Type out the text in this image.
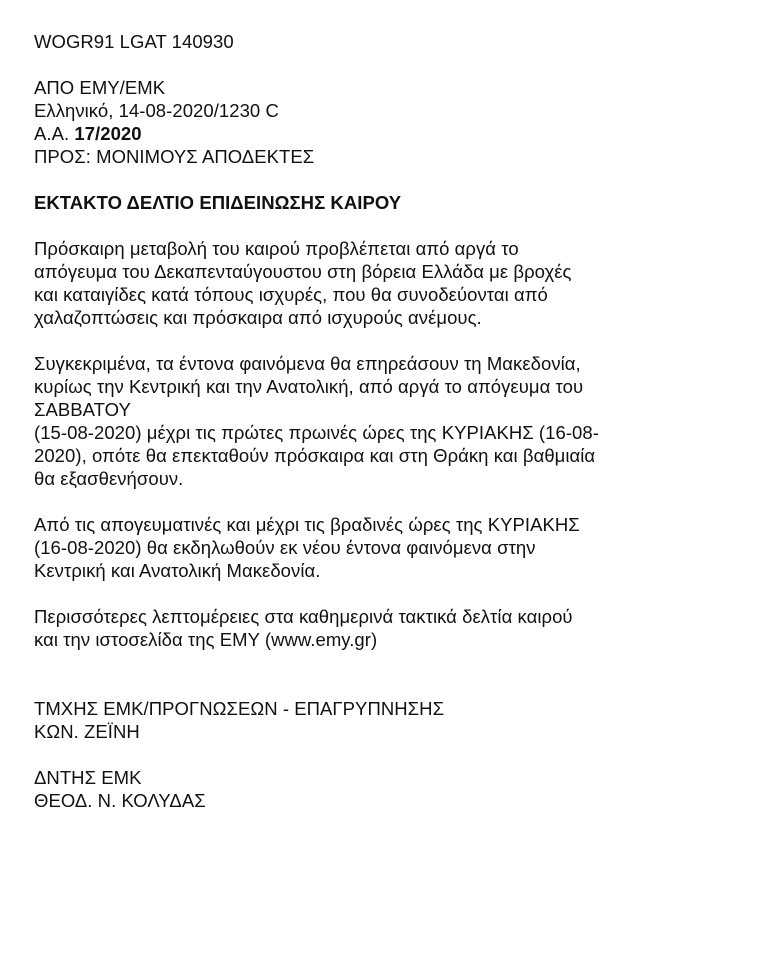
WOGR91 LGAT 140930
ΑΠΟ ΕΜΥ/ΕΜΚ
Ελληνικό, 14-08-2020/1230 C
Α.Α. 17/2020
ΠΡΟΣ: ΜΟΝΙΜΟΥΣ ΑΠΟΔΕΚΤΕΣ
ΕΚΤΑΚΤΟ ΔΕΛΤΙΟ ΕΠΙΔΕΙΝΩΣΗΣ ΚΑΙΡΟΥ
Πρόσκαιρη μεταβολή του καιρού προβλέπεται από αργά το
απόγευμα του Δεκαπενταύγουστου στη βόρεια Ελλάδα με βροχές
και καταιγίδες κατά τόπους ισχυρές, που θα συνοδεύονται από
χαλαζοπτώσεις και πρόσκαιρα από ισχυρούς ανέμους.
Συγκεκριμένα, τα έντονα φαινόμενα θα επηρεάσουν τη Μακεδονία,
κυρίως την Κεντρική και την Ανατολική, από αργά το απόγευμα του
ΣΑΒΒΑΤΟΥ
(15-08-2020) μέχρι τις πρώτες πρωινές ώρες της ΚΥΡΙΑΚΗΣ (16-08-
2020), οπότε θα επεκταθούν πρόσκαιρα και στη Θράκη και βαθμιαία
θα εξασθενήσουν.
Από τις απογευματινές και μέχρι τις βραδινές ώρες της ΚΥΡΙΑΚΗΣ
(16-08-2020) θα εκδηλωθούν εκ νέου έντονα φαινόμενα στην
Κεντρική και Ανατολική Μακεδονία.
Περισσότερες λεπτομέρειες στα καθημερινά τακτικά δελτία καιρού
και την ιστοσελίδα της ΕΜΥ (www.emy.gr)
ΤΜΧΗΣ ΕΜΚ/ΠΡΟΓΝΩΣΕΩΝ - ΕΠΑΓΡΥΠΝΗΣΗΣ
ΚΩΝ. ΖΕΪΝΗ
ΔΝΤΗΣ ΕΜΚ
ΘΕΟΔ. Ν. ΚΟΛΥΔΑΣ
